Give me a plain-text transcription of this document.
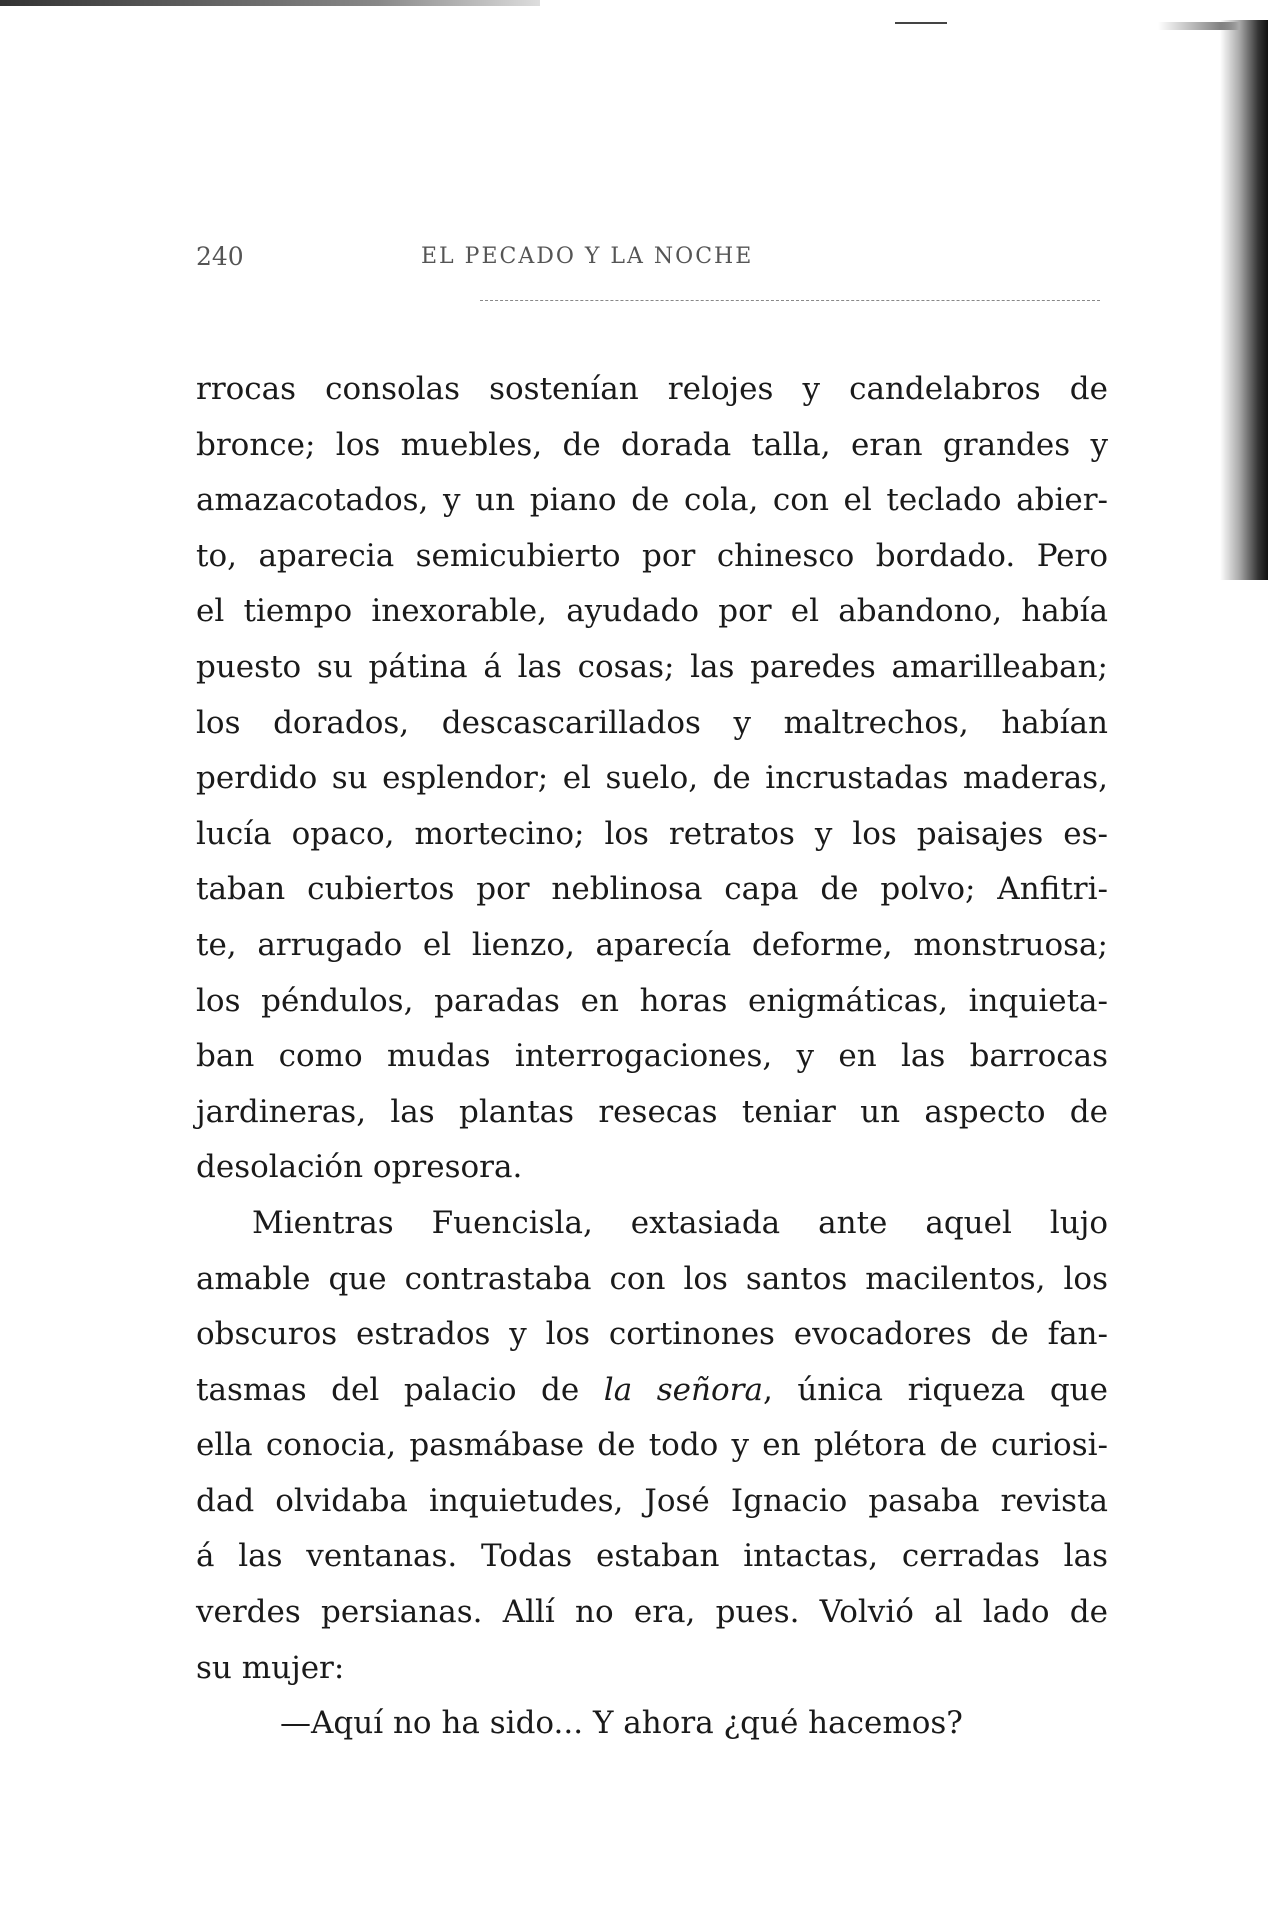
240	EL PECADO Y LA NOCHE
rrocas consolas sostenían relojes y candelabros de
bronce; los muebles, de dorada talla, eran grandes y
amazacotados, y un piano de cola, con el teclado abier-
to, aparecia semicubierto por chinesco bordado. Pero
el tiempo inexorable, ayudado por el abandono, había
puesto su pátina á las cosas; las paredes amarilleaban;
los dorados, descascarillados y maltrechos, habían
perdido su esplendor; el suelo, de incrustadas maderas,
lucía opaco, mortecino; los retratos y los paisajes es-
taban cubiertos por neblinosa capa de polvo; Anfitri-
te, arrugado el lienzo, aparecía deforme, monstruosa;
los péndulos, paradas en horas enigmáticas, inquieta-
ban como mudas interrogaciones, y en las barrocas
jardineras, las plantas resecas teniar un aspecto de
desolación opresora.
Mientras Fuencisla, extasiada ante aquel lujo
amable que contrastaba con los santos macilentos, los
obscuros estrados y los cortinones evocadores de fan-
tasmas del palacio de la señora, única riqueza que
ella conocia, pasmábase de todo y en plétora de curiosi-
dad olvidaba inquietudes, José Ignacio pasaba revista
á las ventanas. Todas estaban intactas, cerradas las
verdes persianas. Allí no era, pues. Volvió al lado de
su mujer:
—Aquí no ha sido... Y ahora ¿qué hacemos?
